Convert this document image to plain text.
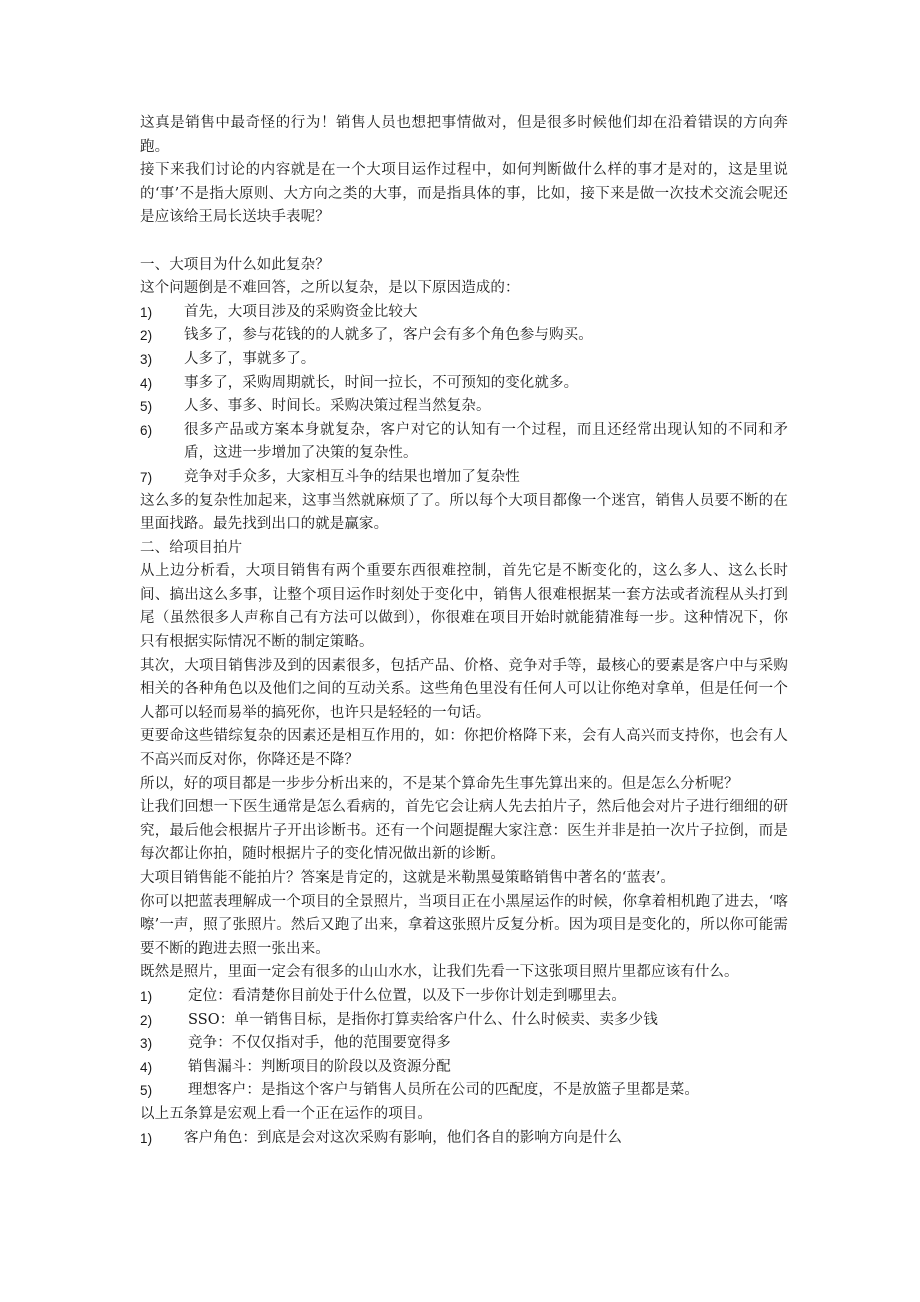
这真是销售中最奇怪的行为！销售人员也想把事情做对，但是很多时候他们却在沿着错误的方向奔跑。

接下来我们讨论的内容就是在一个大项目运作过程中，如何判断做什么样的事才是对的，这是里说的‘事’不是指大原则、大方向之类的大事，而是指具体的事，比如，接下来是做一次技术交流会呢还是应该给王局长送块手表呢？

一、大项目为什么如此复杂？

这个问题倒是不难回答，之所以复杂，是以下原因造成的：

1)	首先，大项目涉及的采购资金比较大
2)	钱多了，参与花钱的的人就多了，客户会有多个角色参与购买。
3)	人多了，事就多了。
4)	事多了，采购周期就长，时间一拉长，不可预知的变化就多。
5)	人多、事多、时间长。采购决策过程当然复杂。
6)	很多产品或方案本身就复杂，客户对它的认知有一个过程，而且还经常出现认知的不同和矛盾，这进一步增加了决策的复杂性。
7)	竞争对手众多，大家相互斗争的结果也增加了复杂性

这么多的复杂性加起来，这事当然就麻烦了了。所以每个大项目都像一个迷宫，销售人员要不断的在里面找路。最先找到出口的就是赢家。

二、给项目拍片

从上边分析看，大项目销售有两个重要东西很难控制，首先它是不断变化的，这么多人、这么长时间、搞出这么多事，让整个项目运作时刻处于变化中，销售人很难根据某一套方法或者流程从头打到尾（虽然很多人声称自己有方法可以做到），你很难在项目开始时就能猜准每一步。这种情况下，你只有根据实际情况不断的制定策略。

其次，大项目销售涉及到的因素很多，包括产品、价格、竞争对手等，最核心的要素是客户中与采购相关的各种角色以及他们之间的互动关系。这些角色里没有任何人可以让你绝对拿单，但是任何一个人都可以轻而易举的搞死你，也许只是轻轻的一句话。

更要命这些错综复杂的因素还是相互作用的，如：你把价格降下来，会有人高兴而支持你，也会有人不高兴而反对你，你降还是不降？

所以，好的项目都是一步步分析出来的，不是某个算命先生事先算出来的。但是怎么分析呢？

让我们回想一下医生通常是怎么看病的，首先它会让病人先去拍片子，然后他会对片子进行细细的研究，最后他会根据片子开出诊断书。还有一个问题提醒大家注意：医生并非是拍一次片子拉倒，而是每次都让你拍，随时根据片子的变化情况做出新的诊断。

大项目销售能不能拍片？答案是肯定的，这就是米勒黑曼策略销售中著名的‘蓝表’。

你可以把蓝表理解成一个项目的全景照片，当项目正在小黑屋运作的时候，你拿着相机跑了进去，‘喀嚓’一声，照了张照片。然后又跑了出来，拿着这张照片反复分析。因为项目是变化的，所以你可能需要不断的跑进去照一张出来。

既然是照片，里面一定会有很多的山山水水，让我们先看一下这张项目照片里都应该有什么。

1)	定位：看清楚你目前处于什么位置，以及下一步你计划走到哪里去。
2)	SSO：单一销售目标，是指你打算卖给客户什么、什么时候卖、卖多少钱
3)	竞争：不仅仅指对手，他的范围要宽得多
4)	销售漏斗：判断项目的阶段以及资源分配
5)	理想客户：是指这个客户与销售人员所在公司的匹配度，不是放篮子里都是菜。

以上五条算是宏观上看一个正在运作的项目。

1)	客户角色：到底是会对这次采购有影响，他们各自的影响方向是什么
